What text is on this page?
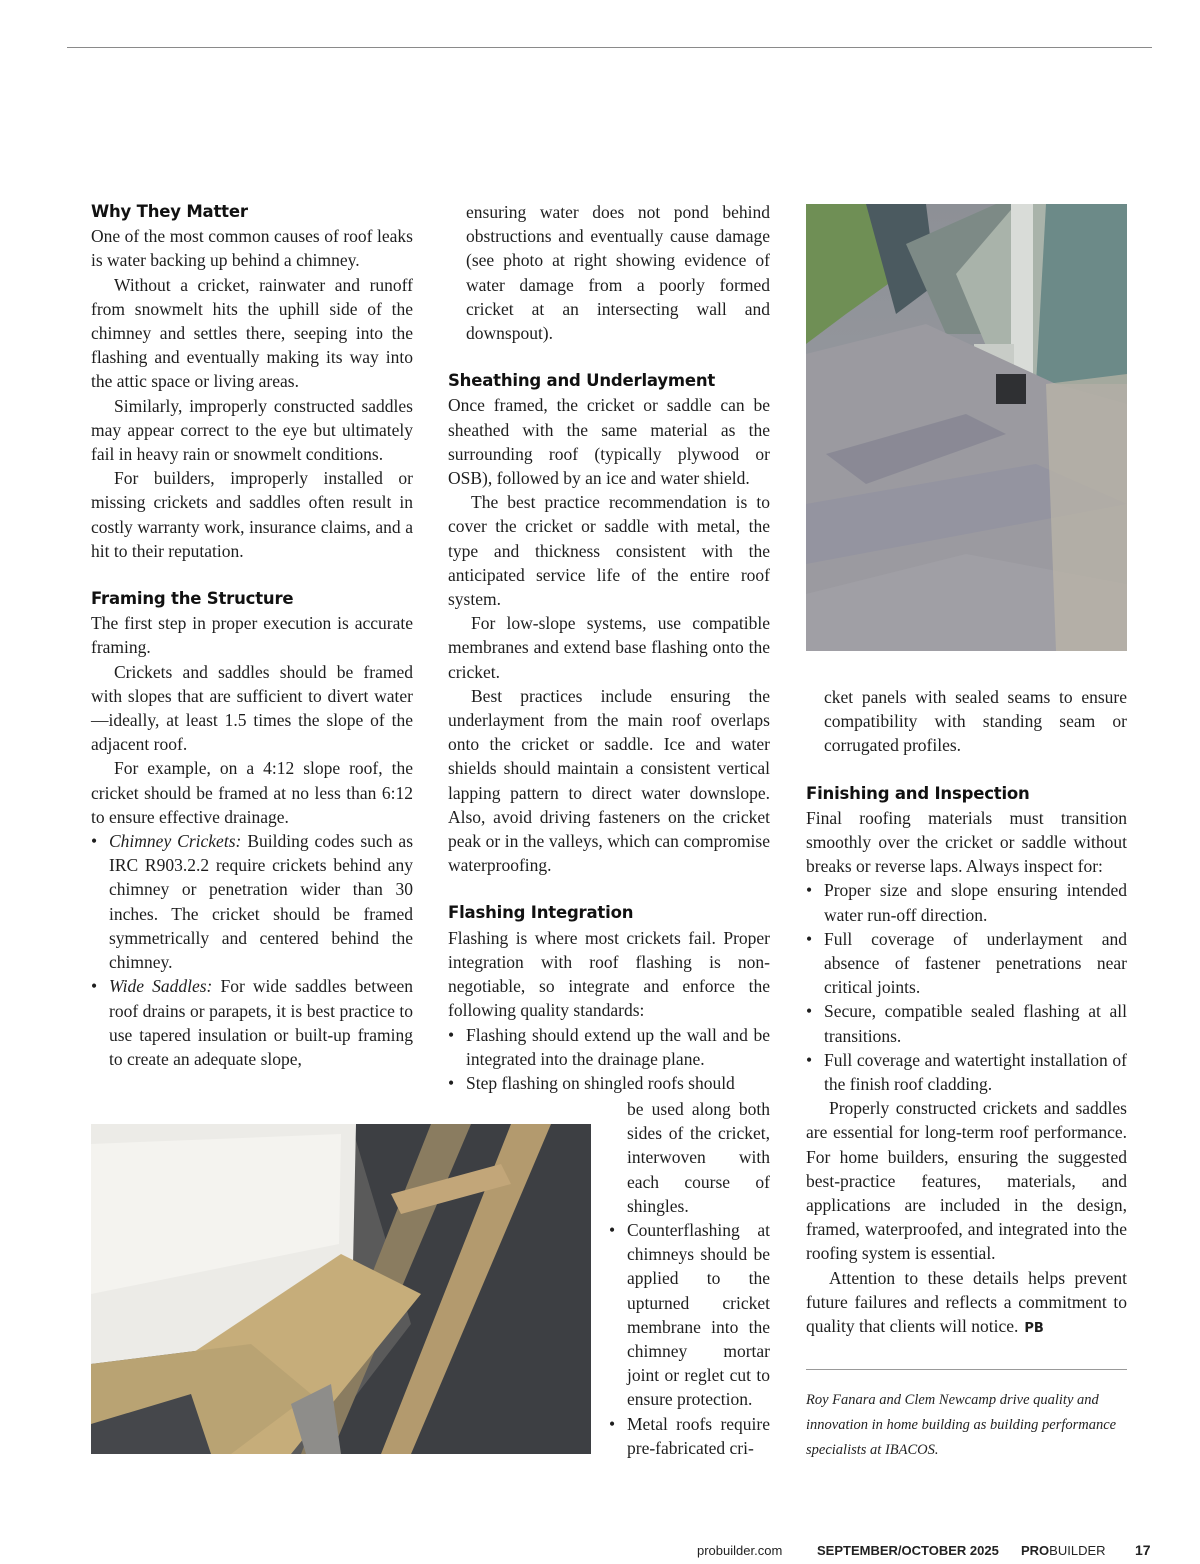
Why They Matter

One of the most common causes of roof leaks is water backing up behind a chimney.

Without a cricket, rainwater and runoff from snowmelt hits the uphill side of the chimney and settles there, seeping into the flashing and eventually making its way into the attic space or living areas.

Similarly, improperly constructed saddles may appear correct to the eye but ultimately fail in heavy rain or snowmelt conditions.

For builders, improperly installed or missing crickets and saddles often result in costly warranty work, insurance claims, and a hit to their reputation.

Framing the Structure

The first step in proper execution is accurate framing.

Crickets and saddles should be framed with slopes that are sufficient to divert water—ideally, at least 1.5 times the slope of the adjacent roof.

For example, on a 4:12 slope roof, the cricket should be framed at no less than 6:12 to ensure effective drainage.

• Chimney Crickets: Building codes such as IRC R903.2.2 require crickets behind any chimney or penetration wider than 30 inches. The cricket should be framed symmetrically and centered behind the chimney.
• Wide Saddles: For wide saddles between roof drains or parapets, it is best practice to use tapered insulation or built-up framing to create an adequate slope,

ensuring water does not pond behind obstructions and eventually cause damage (see photo at right showing evidence of water damage from a poorly formed cricket at an intersecting wall and downspout).

Sheathing and Underlayment

Once framed, the cricket or saddle can be sheathed with the same material as the surrounding roof (typically plywood or OSB), followed by an ice and water shield.

The best practice recommendation is to cover the cricket or saddle with metal, the type and thickness consistent with the anticipated service life of the entire roof system.

For low-slope systems, use compatible membranes and extend base flashing onto the cricket.

Best practices include ensuring the underlayment from the main roof overlaps onto the cricket or saddle. Ice and water shields should maintain a consistent vertical lapping pattern to direct water downslope. Also, avoid driving fasteners on the cricket peak or in the valleys, which can compromise waterproofing.

Flashing Integration

Flashing is where most crickets fail. Proper integration with roof flashing is non-negotiable, so integrate and enforce the following quality standards:

• Flashing should extend up the wall and be integrated into the drainage plane.
• Step flashing on shingled roofs should

be used along both sides of the cricket, interwoven with each course of shingles.

• Counterflashing at chimneys should be applied to the upturned cricket membrane into the chimney mortar joint or reglet cut to ensure protection.
• Metal roofs require pre-fabricated cri-

cket panels with sealed seams to ensure compatibility with standing seam or corrugated profiles.

Finishing and Inspection

Final roofing materials must transition smoothly over the cricket or saddle without breaks or reverse laps. Always inspect for:

• Proper size and slope ensuring intended water run-off direction.
• Full coverage of underlayment and absence of fastener penetrations near critical joints.
• Secure, compatible sealed flashing at all transitions.
• Full coverage and watertight installation of the finish roof cladding.

Properly constructed crickets and saddles are essential for long-term roof performance. For home builders, ensuring the suggested best-practice features, materials, and applications are included in the design, framed, waterproofed, and integrated into the roofing system is essential.

Attention to these details helps prevent future failures and reflects a commitment to quality that clients will notice. PB

Roy Fanara and Clem Newcamp drive quality and innovation in home building as building performance specialists at IBACOS.
probuilder.com	SEPTEMBER/OCTOBER 2025 PROBUILDER 17
